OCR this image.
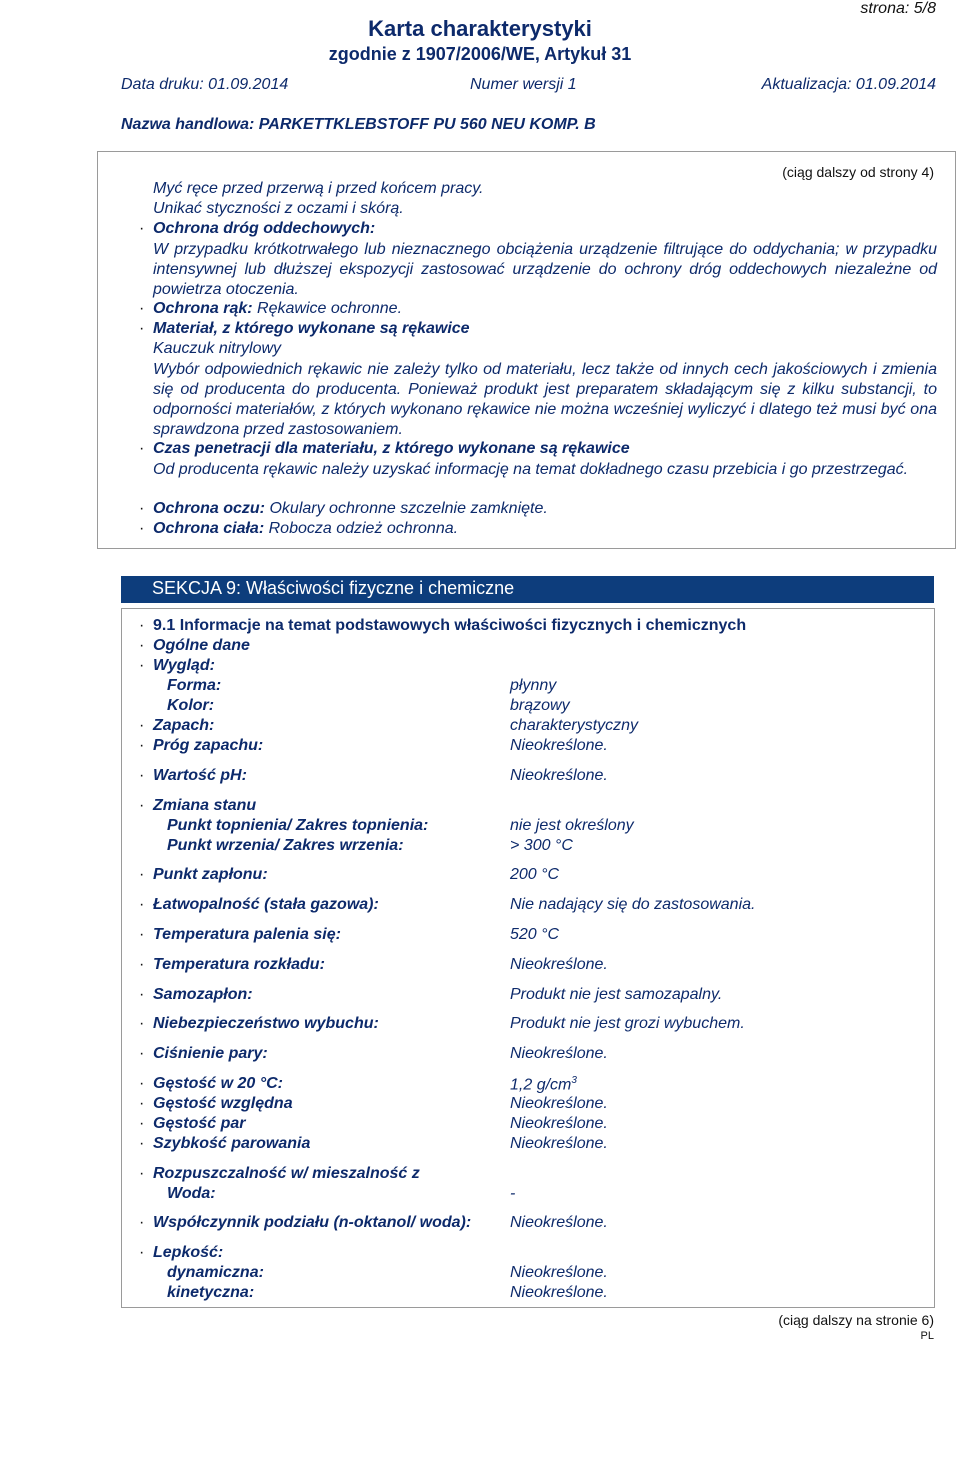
strona: 5/8
Karta charakterystyki
zgodnie z 1907/2006/WE, Artykuł 31
Data druku: 01.09.2014	Numer wersji 1	Aktualizacja: 01.09.2014
Nazwa handlowa: PARKETTKLEBSTOFF PU 560 NEU KOMP. B
(ciąg dalszy od strony 4)
Myć ręce przed przerwą i przed końcem pracy.
Unikać styczności z oczami i skórą.
· Ochrona dróg oddechowych:
W przypadku krótkotrwałego lub nieznacznego obciążenia urządzenie filtrujące do oddychania; w przypadku intensywnej lub dłuższej ekspozycji zastosować urządzenie do ochrony dróg oddechowych niezależne od powietrza otoczenia.
· Ochrona rąk: Rękawice ochronne.
· Materiał, z którego wykonane są rękawice
Kauczuk nitrylowy
Wybór odpowiednich rękawic nie zależy tylko od materiału, lecz także od innych cech jakościowych i zmienia się od producenta do producenta. Ponieważ produkt jest preparatem składającym się z kilku substancji, to odporności materiałów, z których wykonano rękawice nie można wcześniej wyliczyć i dlatego też musi być ona sprawdzona przed zastosowaniem.
· Czas penetracji dla materiału, z którego wykonane są rękawice
Od producenta rękawic należy uzyskać informację na temat dokładnego czasu przebicia i go przestrzegać.
· Ochrona oczu: Okulary ochronne szczelnie zamknięte.
· Ochrona ciała: Robocza odzież ochronna.
SEKCJA 9: Właściwości fizyczne i chemiczne
· 9.1 Informacje na temat podstawowych właściwości fizycznych i chemicznych
· Ogólne dane
· Wygląd:
Forma:	płynny
Kolor:	brązowy
· Zapach:	charakterystyczny
· Próg zapachu:	Nieokreślone.
· Wartość pH:	Nieokreślone.
· Zmiana stanu
Punkt topnienia/ Zakres topnienia:	nie jest określony
Punkt wrzenia/ Zakres wrzenia:	> 300 °C
· Punkt zapłonu:	200 °C
· Łatwopalność (stała gazowa):	Nie nadający się do zastosowania.
· Temperatura palenia się:	520 °C
· Temperatura rozkładu:	Nieokreślone.
· Samozapłon:	Produkt nie jest samozapalny.
· Niebezpieczeństwo wybuchu:	Produkt nie jest grozi wybuchem.
· Ciśnienie pary:	Nieokreślone.
· Gęstość w 20 °C:	1,2 $g/cm^3$
· Gęstość względna	Nieokreślone.
· Gęstość par	Nieokreślone.
· Szybkość parowania	Nieokreślone.
· Rozpuszczalność w/ mieszalność z
Woda:	-
· Współczynnik podziału (n-oktanol/ woda): Nieokreślone.
· Lepkość:
dynamiczna:	Nieokreślone.
kinetyczna:	Nieokreślone.
(ciąg dalszy na stronie 6)
PL
